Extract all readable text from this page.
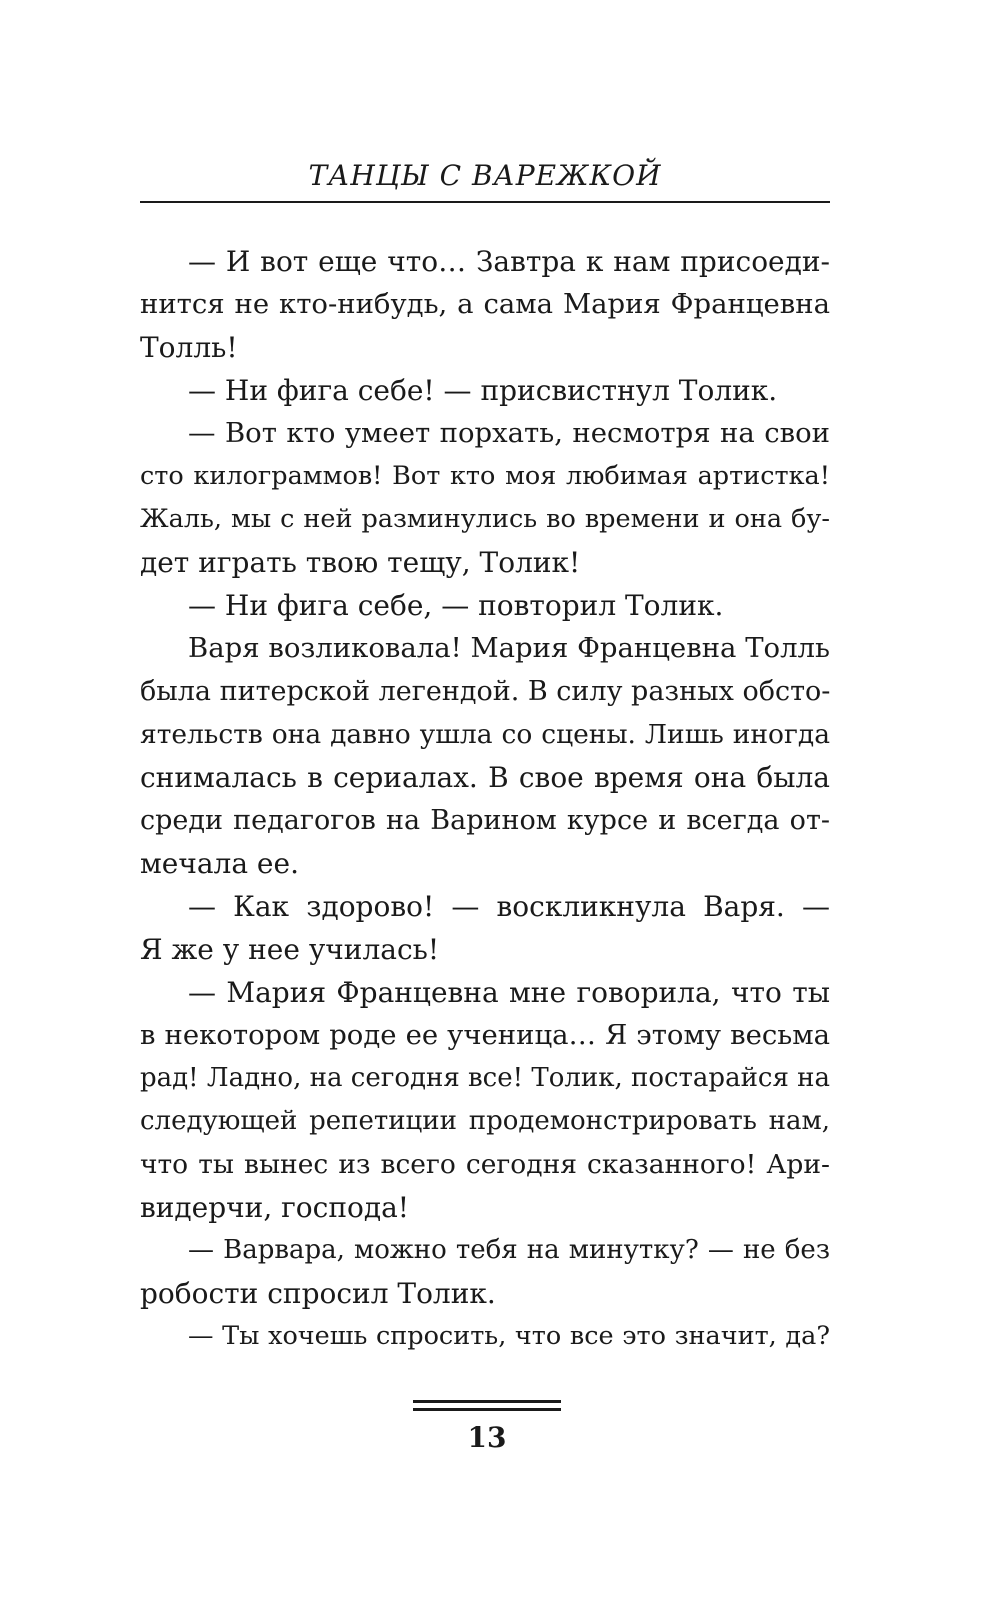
ТАНЦЫ С ВАРЕЖКОЙ
— И вот еще что… Завтра к нам присоеди-
нится не кто-нибудь, а сама Мария Францевна
Толль!
— Ни фига себе! — присвистнул Толик.
— Вот кто умеет порхать, несмотря на свои
сто килограммов! Вот кто моя любимая артистка!
Жаль, мы с ней разминулись во времени и она бу-
дет играть твою тещу, Толик!
— Ни фига себе, — повторил Толик.
Варя возликовала! Мария Францевна Толль
была питерской легендой. В силу разных обсто-
ятельств она давно ушла со сцены. Лишь иногда
снималась в сериалах. В свое время она была
среди педагогов на Варином курсе и всегда от-
мечала ее.
— Как здорово! — воскликнула Варя. —
Я же у нее училась!
— Мария Францевна мне говорила, что ты
в некотором роде ее ученица… Я этому весьма
рад! Ладно, на сегодня все! Толик, постарайся на
следующей репетиции продемонстрировать нам,
что ты вынес из всего сегодня сказанного! Ари-
видерчи, господа!
— Варвара, можно тебя на минутку? — не без
робости спросил Толик.
— Ты хочешь спросить, что все это значит, да?
13
